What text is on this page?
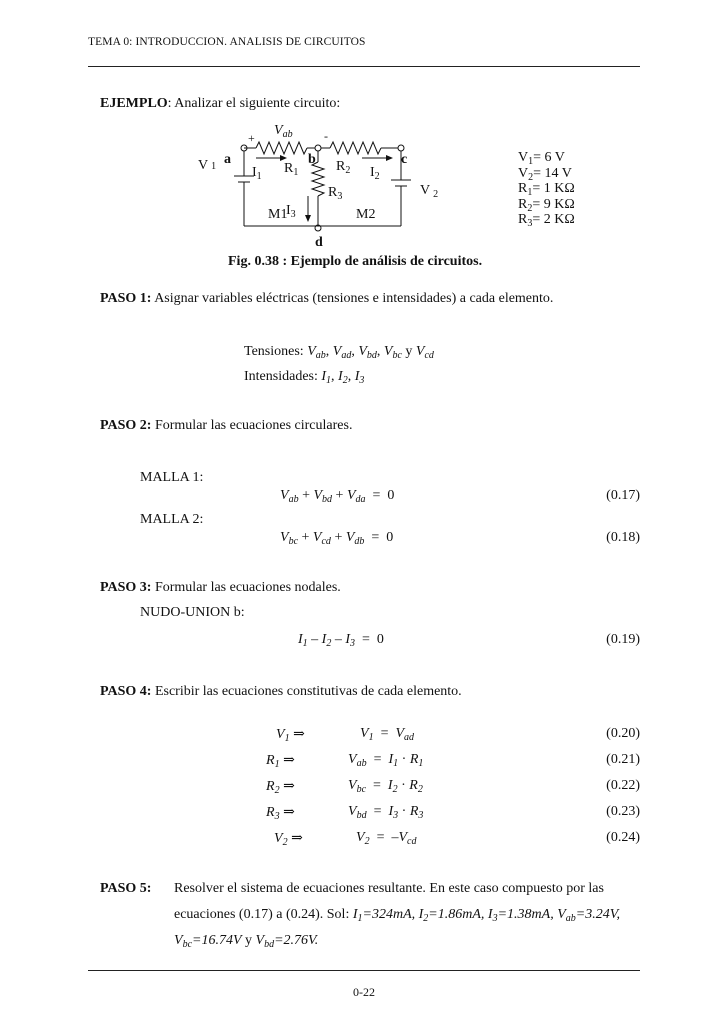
TEMA 0: INTRODUCCION. ANALISIS DE CIRCUITOS
EJEMPLO: Analizar el siguiente circuito:
+	-
$V_{ab}$
a	b	c
d
V 1
V $_2$
$R_1$	$R_2$
$R_3$
$I_1$	$I_2$
$I_3$
M1	M2
$V_1= 6$ V
$V_2= 14$ V
$R_1= 1$ KΩ
$R_2= 9$ KΩ
$R_3= 2$ KΩ
Fig. 0.38 : Ejemplo de análisis de circuitos.
PASO 1: Asignar variables eléctricas (tensiones e intensidades) a cada elemento.
Tensiones: $V_{ab}$, $V_{ad}$, $V_{bd}$, $V_{bc}$ y $V_{cd}$
Intensidades: $I_1$, $I_2$, $I_3$
PASO 2: Formular las ecuaciones circulares.
MALLA 1:
$V_{ab} + V_{bd} + V_{da} = 0$	(0.17)
MALLA 2:
$V_{bc} + V_{cd} + V_{db} = 0$	(0.18)
PASO 3: Formular las ecuaciones nodales.
NUDO-UNION b:
$I_1 - I_2 - I_3 = 0$	(0.19)
PASO 4: Escribir las ecuaciones constitutivas de cada elemento.
$V_1$ ⇒	$V_1 = V_{ad}$	(0.20)
$R_1$ ⇒	$V_{ab} = I_1 \cdot R_1$	(0.21)
$R_2$ ⇒	$V_{bc} = I_2 \cdot R_2$	(0.22)
$R_3$ ⇒	$V_{bd} = I_3 \cdot R_3$	(0.23)
$V_2$ ⇒	$V_2 = -V_{cd}$	(0.24)
PASO 5: Resolver el sistema de ecuaciones resultante. En este caso compuesto por las
ecuaciones (0.17) a (0.24). Sol: $I_1=324mA$, $I_2=1.86mA$, $I_3=1.38mA$, $V_{ab}=3.24V$,
$V_{bc}=16.74V$ y $V_{bd}=2.76V$.
0-22
